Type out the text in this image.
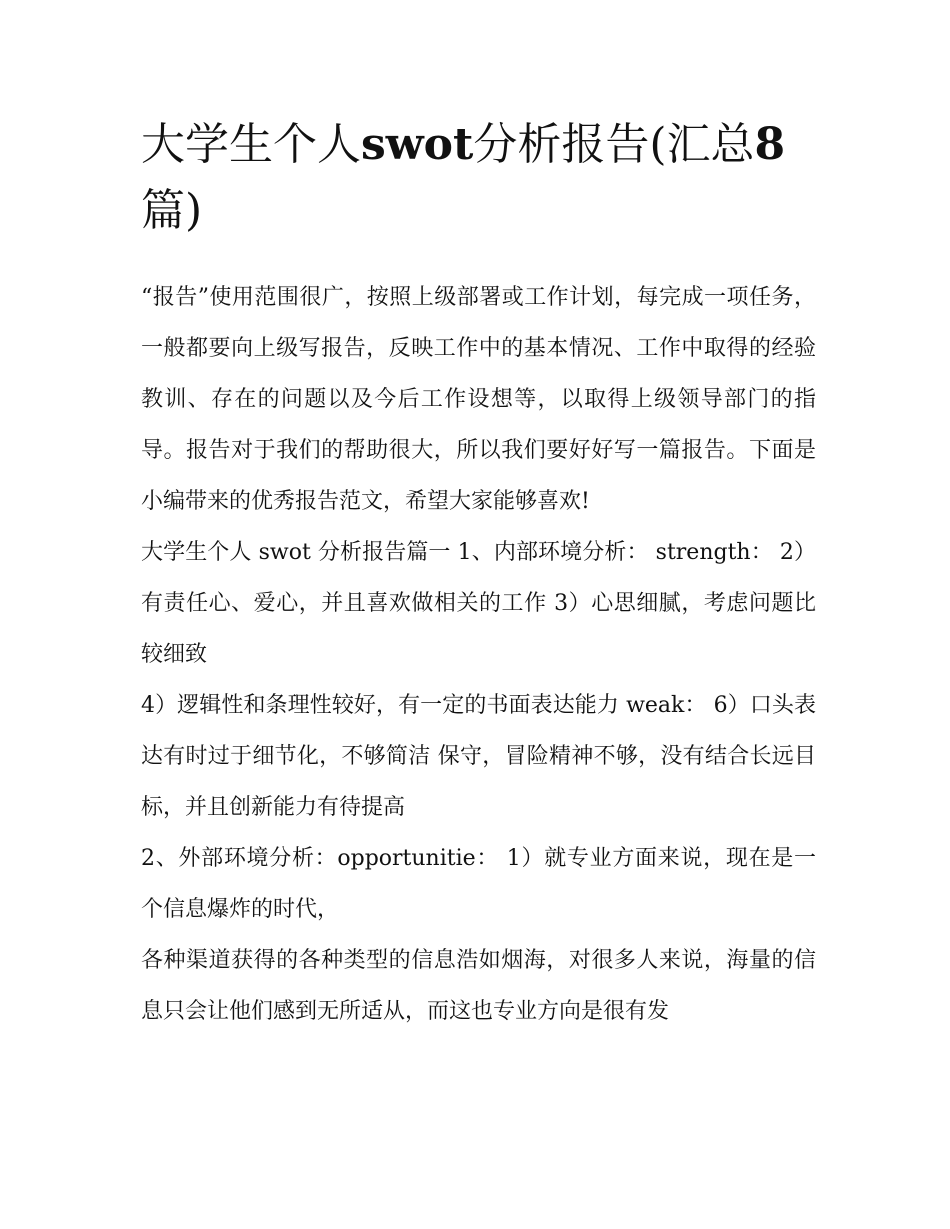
大学生个人swot分析报告(汇总8篇)

“报告”使用范围很广，按照上级部署或工作计划，每完成一项任务，一般都要向上级写报告，反映工作中的基本情况、工作中取得的经验教训、存在的问题以及今后工作设想等，以取得上级领导部门的指导。报告对于我们的帮助很大，所以我们要好好写一篇报告。下面是小编带来的优秀报告范文，希望大家能够喜欢!

大学生个人 swot 分析报告篇一 1、内部环境分析： strength： 2）有责任心、爱心，并且喜欢做相关的工作 3）心思细腻，考虑问题比较细致

4）逻辑性和条理性较好，有一定的书面表达能力 weak： 6）口头表达有时过于细节化，不够简洁 保守，冒险精神不够，没有结合长远目标，并且创新能力有待提高

2、外部环境分析：opportunitie： 1）就专业方面来说，现在是一个信息爆炸的时代，

各种渠道获得的各种类型的信息浩如烟海，对很多人来说，海量的信息只会让他们感到无所适从，而这也专业方向是很有发
